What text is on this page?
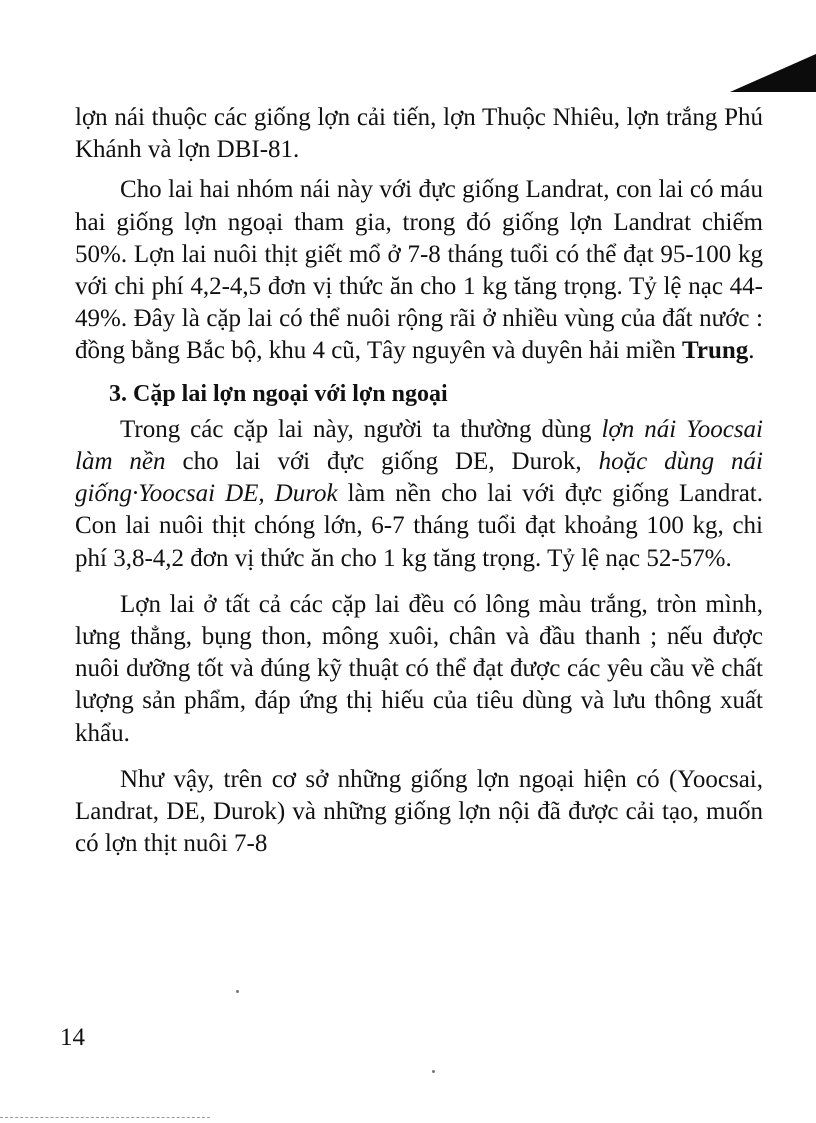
lợn nái thuộc các giống lợn cải tiến, lợn Thuộc Nhiêu, lợn trắng Phú Khánh và lợn DBI-81.

Cho lai hai nhóm nái này với đực giống Landrat, con lai có máu hai giống lợn ngoại tham gia, trong đó giống lợn Landrat chiếm 50%. Lợn lai nuôi thịt giết mổ ở 7-8 tháng tuổi có thể đạt 95-100 kg với chi phí 4,2-4,5 đơn vị thức ăn cho 1 kg tăng trọng. Tỷ lệ nạc 44-49%. Đây là cặp lai có thể nuôi rộng rãi ở nhiều vùng của đất nước : đồng bằng Bắc bộ, khu 4 cũ, Tây nguyên và duyên hải miền Trung.

3. Cặp lai lợn ngoại với lợn ngoại

Trong các cặp lai này, người ta thường dùng lợn nái Yoocsai làm nền cho lai với đực giống DE, Durok, hoặc dùng nái giống·Yoocsai DE, Durok làm nền cho lai với đực giống Landrat. Con lai nuôi thịt chóng lớn, 6-7 tháng tuổi đạt khoảng 100 kg, chi phí 3,8-4,2 đơn vị thức ăn cho 1 kg tăng trọng. Tỷ lệ nạc 52-57%.

Lợn lai ở tất cả các cặp lai đều có lông màu trắng, tròn mình, lưng thẳng, bụng thon, mông xuôi, chân và đầu thanh ; nếu được nuôi dưỡng tốt và đúng kỹ thuật có thể đạt được các yêu cầu về chất lượng sản phẩm, đáp ứng thị hiếu của tiêu dùng và lưu thông xuất khẩu.

Như vậy, trên cơ sở những giống lợn ngoại hiện có (Yoocsai, Landrat, DE, Durok) và những giống lợn nội đã được cải tạo, muốn có lợn thịt nuôi 7-8

14
